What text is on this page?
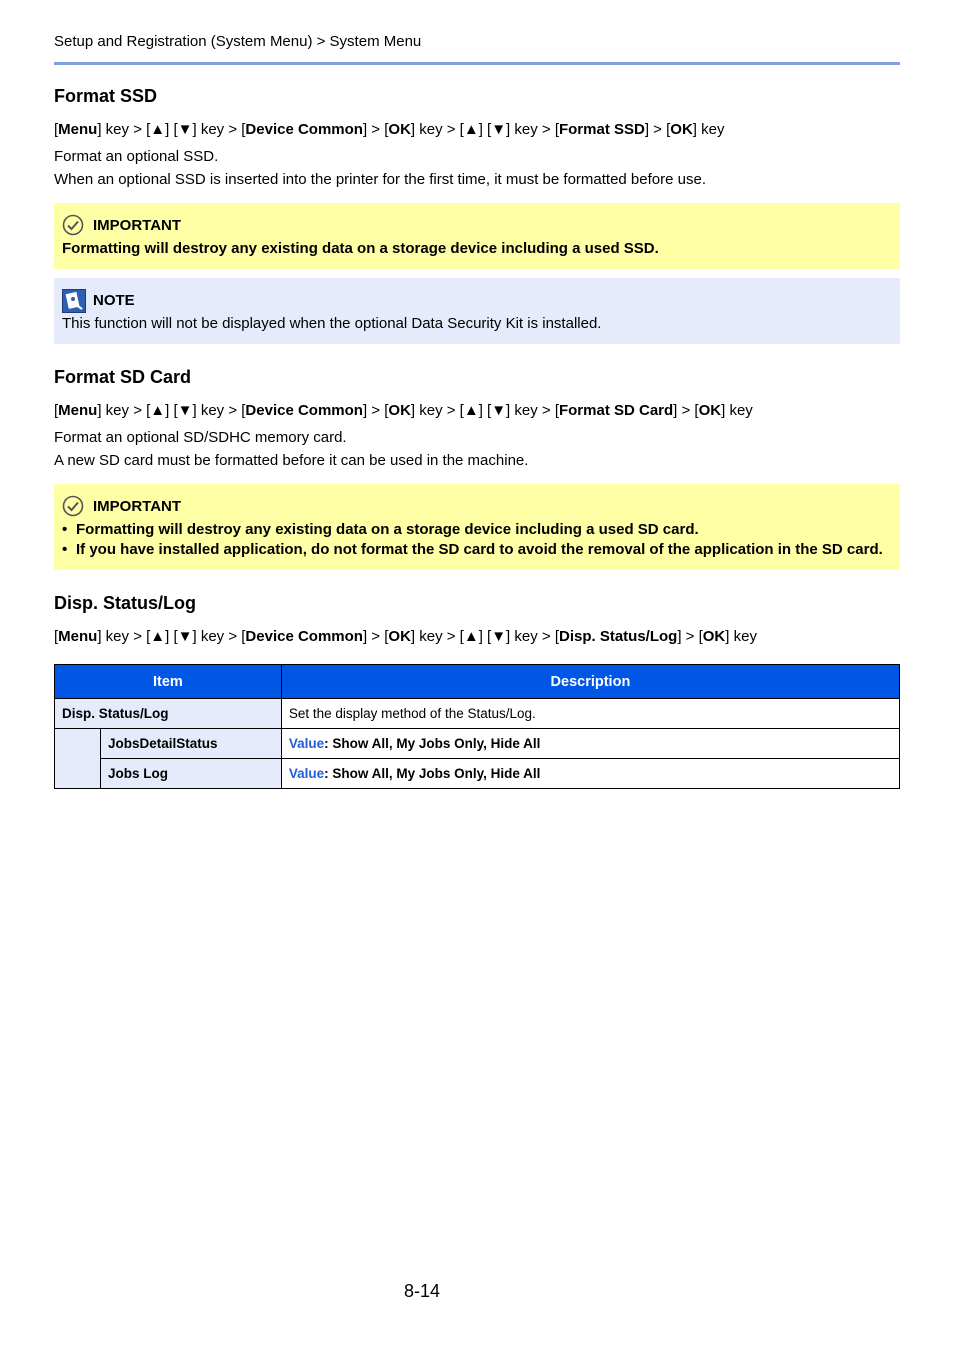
Setup and Registration (System Menu) > System Menu
Format SSD
[Menu] key > [▲] [▼] key > [Device Common] > [OK] key > [▲] [▼] key > [Format SSD] > [OK] key
Format an optional SSD.
When an optional SSD is inserted into the printer for the first time, it must be formatted before use.
IMPORTANT
Formatting will destroy any existing data on a storage device including a used SSD.
NOTE
This function will not be displayed when the optional Data Security Kit is installed.
Format SD Card
[Menu] key > [▲] [▼] key > [Device Common] > [OK] key > [▲] [▼] key > [Format SD Card] > [OK] key
Format an optional SD/SDHC memory card.
A new SD card must be formatted before it can be used in the machine.
IMPORTANT
• Formatting will destroy any existing data on a storage device including a used SD card.
• If you have installed application, do not format the SD card to avoid the removal of the application in the SD card.
Disp. Status/Log
[Menu] key > [▲] [▼] key > [Device Common] > [OK] key > [▲] [▼] key > [Disp. Status/Log] > [OK] key
Item		Description
Disp. Status/Log		Set the display method of the Status/Log.
	JobsDetailStatus	Value: Show All, My Jobs Only, Hide All
	Jobs Log	Value: Show All, My Jobs Only, Hide All
8-14
